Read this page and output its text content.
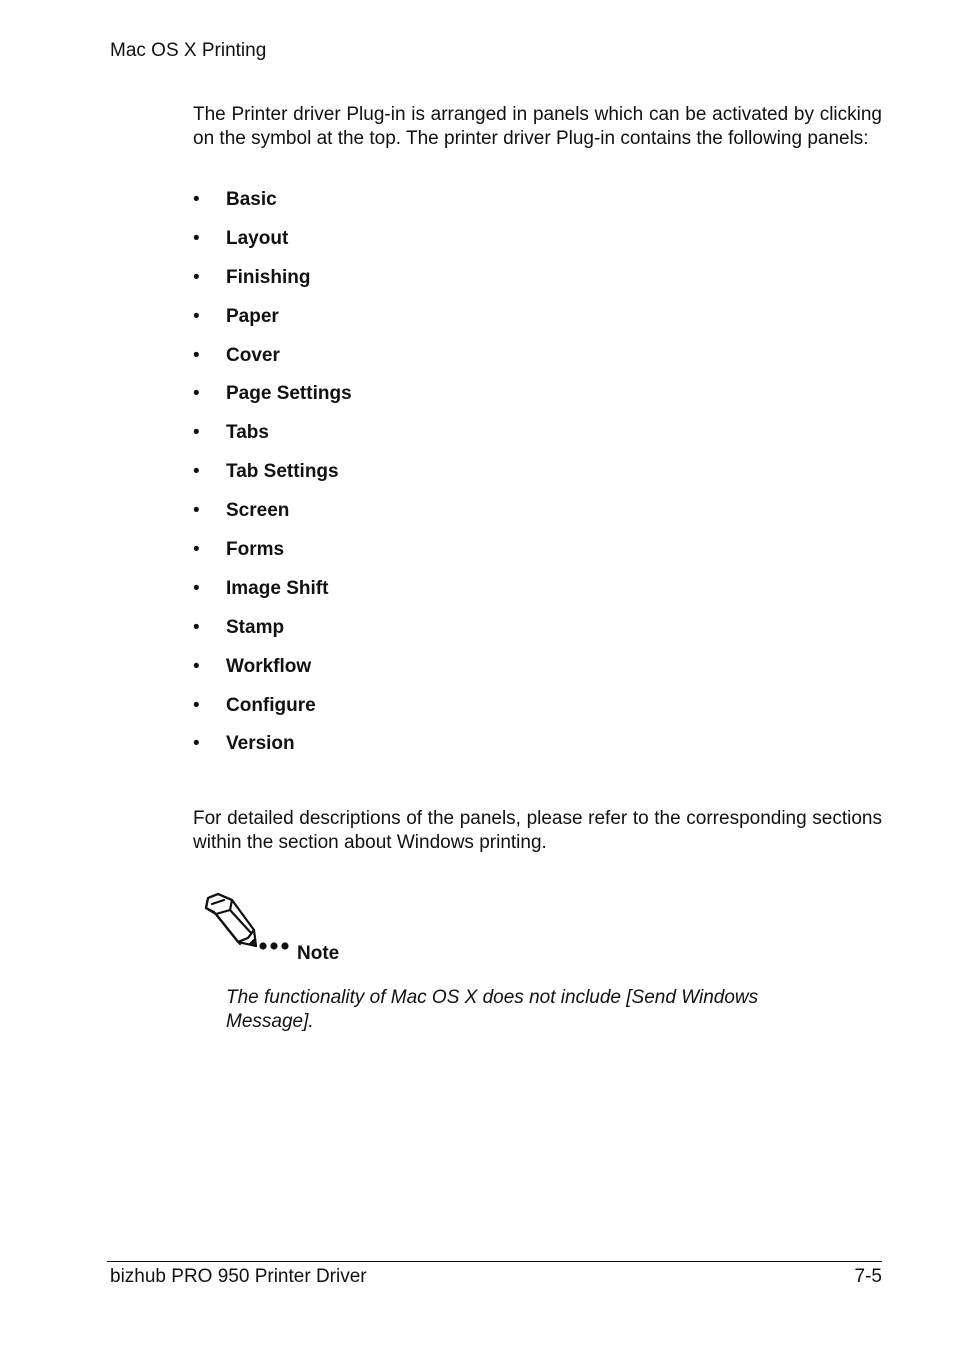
Mac OS X Printing

The Printer driver Plug-in is arranged in panels which can be activated by clicking on the symbol at the top. The printer driver Plug-in contains the following panels:

• Basic
• Layout
• Finishing
• Paper
• Cover
• Page Settings
• Tabs
• Tab Settings
• Screen
• Forms
• Image Shift
• Stamp
• Workflow
• Configure
• Version

For detailed descriptions of the panels, please refer to the corresponding sections within the section about Windows printing.

Note
The functionality of Mac OS X does not include [Send Windows Message].
bizhub PRO 950 Printer Driver	7-5
